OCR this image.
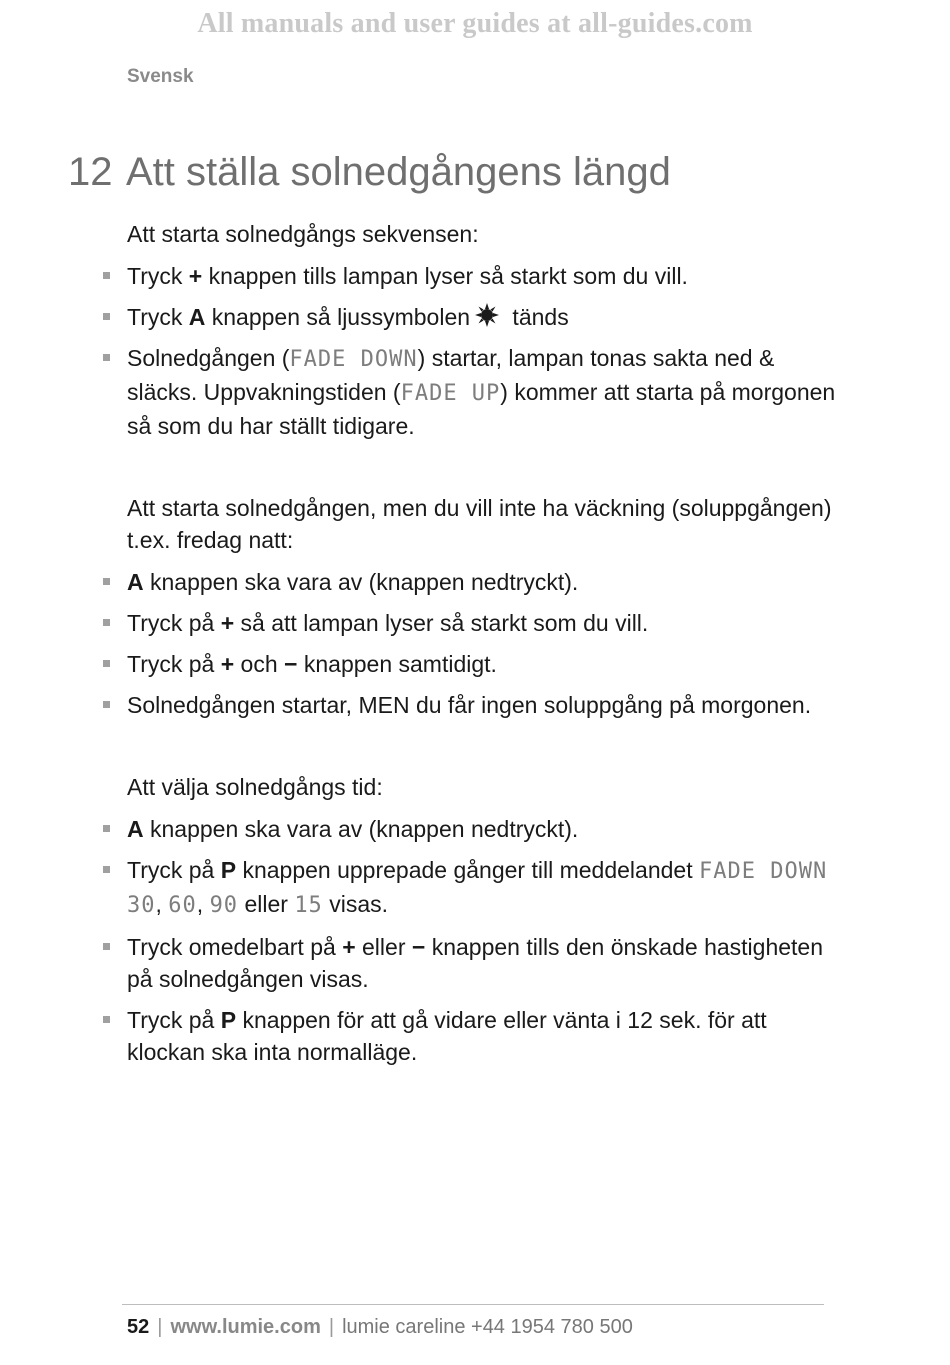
All manuals and user guides at all-guides.com
Svensk
12 Att ställa solnedgångens längd

Att starta solnedgångs sekvensen:

Tryck + knappen tills lampan lyser så starkt som du vill.
Tryck A knappen så ljussymbolen tänds
Solnedgången (FADE DOWN) startar, lampan tonas sakta ned & släcks. Uppvakningstiden (FADE UP) kommer att starta på morgonen så som du har ställt tidigare.

Att starta solnedgången, men du vill inte ha väckning (soluppgången) t.ex. fredag natt:

A knappen ska vara av (knappen nedtryckt).
Tryck på + så att lampan lyser så starkt som du vill.
Tryck på + och − knappen samtidigt.
Solnedgången startar, MEN du får ingen soluppgång på morgonen.

Att välja solnedgångs tid:

A knappen ska vara av (knappen nedtryckt).
Tryck på P knappen upprepade gånger till meddelandet FADE DOWN 30, 60, 90 eller 15 visas.
Tryck omedelbart på + eller − knappen tills den önskade hastigheten på solnedgången visas.
Tryck på P knappen för att gå vidare eller vänta i 12 sek. för att klockan ska inta normalläge.
52 | www.lumie.com | lumie careline +44 1954 780 500
